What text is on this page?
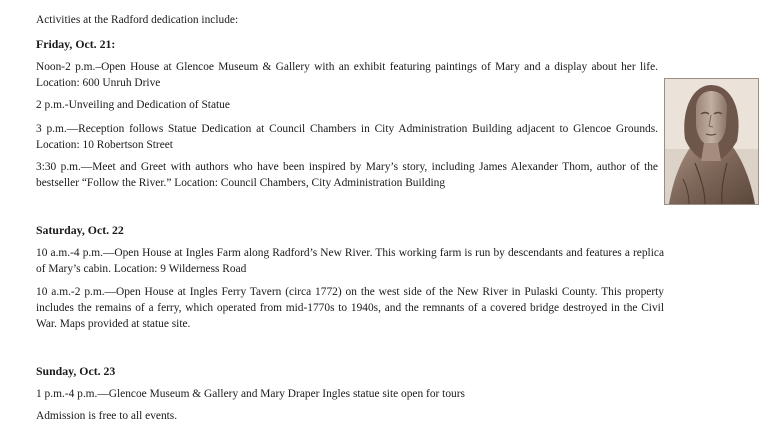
Activities at the Radford dedication include:
Friday, Oct. 21:
Noon-2 p.m.–Open House at Glencoe Museum & Gallery with an exhibit featuring paintings of Mary and a display about her life. Location: 600 Unruh Drive
2 p.m.-Unveiling and Dedication of Statue
3 p.m.—Reception follows Statue Dedication at Council Chambers in City Administration Building adjacent to Glencoe Grounds. Location: 10 Robertson Street
3:30 p.m.—Meet and Greet with authors who have been inspired by Mary’s story, including James Alexander Thom, author of the bestseller “Follow the River.” Location: Council Chambers, City Administration Building
Saturday, Oct. 22
10 a.m.-4 p.m.—Open House at Ingles Farm along Radford’s New River. This working farm is run by descendants and features a replica of Mary’s cabin. Location: 9 Wilderness Road
10 a.m.-2 p.m.—Open House at Ingles Ferry Tavern (circa 1772) on the west side of the New River in Pulaski County. This property includes the remains of a ferry, which operated from mid-1770s to 1940s, and the remnants of a covered bridge destroyed in the Civil War. Maps provided at statue site.
Sunday, Oct. 23
1 p.m.-4 p.m.—Glencoe Museum & Gallery and Mary Draper Ingles statue site open for tours
Admission is free to all events.
